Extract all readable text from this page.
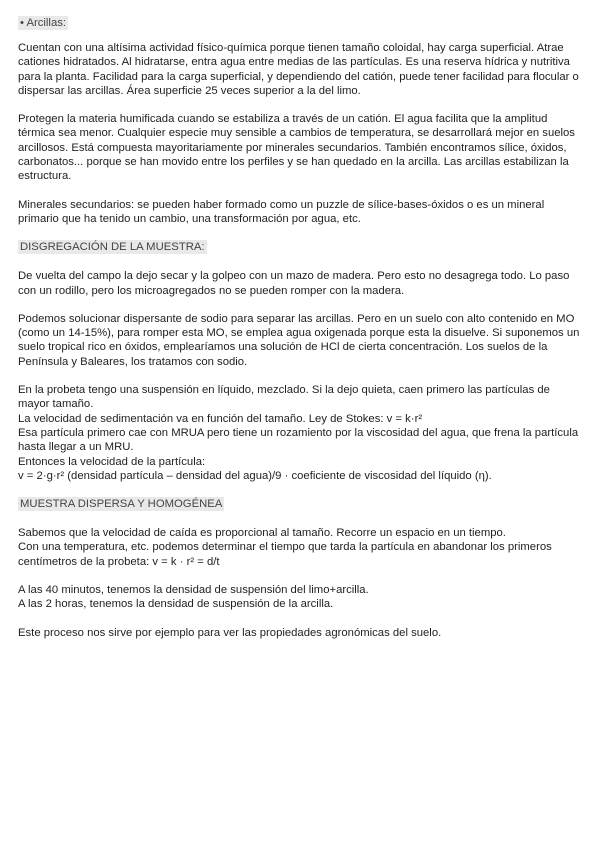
• Arcillas:

Cuentan con una altísima actividad físico-química porque tienen tamaño coloidal, hay carga superficial. Atrae cationes hidratados. Al hidratarse, entra agua entre medias de las partículas. Es una reserva hídrica y nutritiva para la planta. Facilidad para la carga superficial, y dependiendo del catión, puede tener facilidad para flocular o dispersar las arcillas. Área superficie 25 veces superior a la del limo.

Protegen la materia humificada cuando se estabiliza a través de un catión. El agua facilita que la amplitud térmica sea menor. Cualquier especie muy sensible a cambios de temperatura, se desarrollará mejor en suelos arcillosos. Está compuesta mayoritariamente por minerales secundarios. También encontramos sílice, óxidos, carbonatos... porque se han movido entre los perfiles y se han quedado en la arcilla. Las arcillas estabilizan la estructura.

Minerales secundarios: se pueden haber formado como un puzzle de sílice-bases-óxidos o es un mineral primario que ha tenido un cambio, una transformación por agua, etc.

DISGREGACIÓN DE LA MUESTRA:

De vuelta del campo la dejo secar y la golpeo con un mazo de madera. Pero esto no desagrega todo. Lo paso con un rodillo, pero los microagregados no se pueden romper con la madera.

Podemos solucionar dispersante de sodio para separar las arcillas. Pero en un suelo con alto contenido en MO (como un 14-15%), para romper esta MO, se emplea agua oxigenada porque esta la disuelve. Si suponemos un suelo tropical rico en óxidos, emplearíamos una solución de HCl de cierta concentración. Los suelos de la Península y Baleares, los tratamos con sodio.

En la probeta tengo una suspensión en líquido, mezclado. Si la dejo quieta, caen primero las partículas de mayor tamaño.
La velocidad de sedimentación va en función del tamaño. Ley de Stokes: v = k·r²
Esa partícula primero cae con MRUA pero tiene un rozamiento por la viscosidad del agua, que frena la partícula hasta llegar a un MRU.
Entonces la velocidad de la partícula:
v = 2·g·r² (densidad partícula – densidad del agua)/9 · coeficiente de viscosidad del líquido (η).
MUESTRA DISPERSA Y HOMOGÉNEA
Sabemos que la velocidad de caída es proporcional al tamaño. Recorre un espacio en un tiempo.
Con una temperatura, etc. podemos determinar el tiempo que tarda la partícula en abandonar los primeros centímetros de la probeta: v = k · r² = d/t
A las 40 minutos, tenemos la densidad de suspensión del limo+arcilla.
A las 2 horas, tenemos la densidad de suspensión de la arcilla.

Este proceso nos sirve por ejemplo para ver las propiedades agronómicas del suelo.
